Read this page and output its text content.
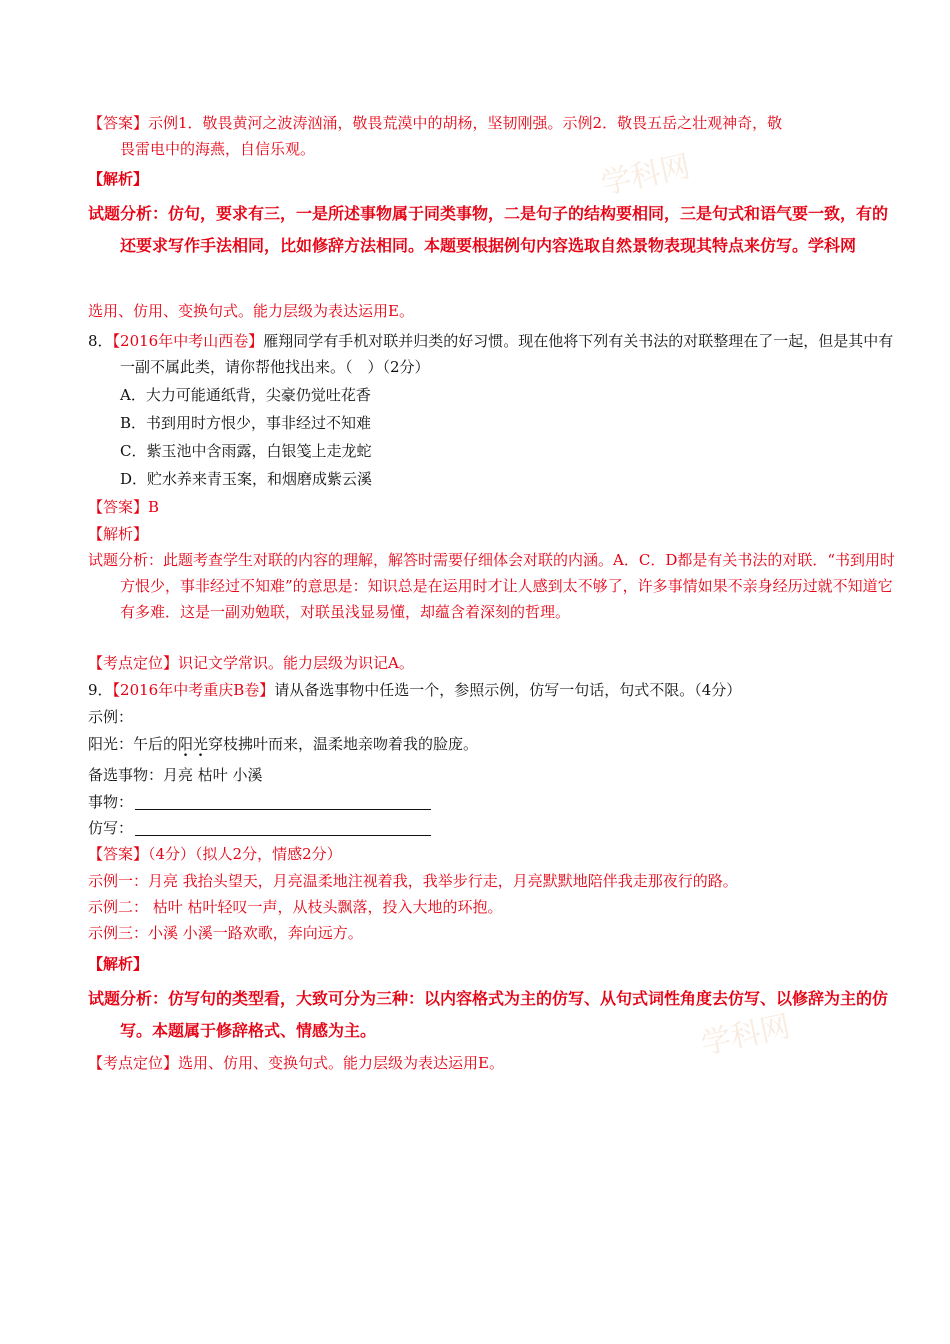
学科网
学科网
【答案】示例1．敬畏黄河之波涛汹涌，敬畏荒漠中的胡杨，坚韧刚强。示例2．敬畏五岳之壮观神奇，敬
畏雷电中的海燕，自信乐观。
【解析】
试题分析：仿句，要求有三，一是所述事物属于同类事物，二是句子的结构要相同，三是句式和语气要一致，有的还要求写作手法相同，比如修辞方法相同。本题要根据例句内容选取自然景物表现其特点来仿写。学科网
选用、仿用、变换句式。能力层级为表达运用E。
8．【2016年中考山西卷】雁翔同学有手机对联并归类的好习惯。现在他将下列有关书法的对联整理在了一起，但是其中有一副不属此类，请你帮他找出来。（　）（2分）
A．大力可能通纸背，尖豪仍觉吐花香
B．书到用时方恨少，事非经过不知难
C．紫玉池中含雨露，白银笺上走龙蛇
D．贮水养来青玉案，和烟磨成紫云溪
【答案】B
【解析】
试题分析：此题考查学生对联的内容的理解，解答时需要仔细体会对联的内涵。A．C．D都是有关书法的对联．“书到用时方恨少，事非经过不知难”的意思是：知识总是在运用时才让人感到太不够了，许多事情如果不亲身经历过就不知道它有多难．这是一副劝勉联，对联虽浅显易懂，却蕴含着深刻的哲理。
【考点定位】识记文学常识。能力层级为识记A。
9．【2016年中考重庆B卷】请从备选事物中任选一个，参照示例，仿写一句话，句式不限。（4分）
示例：
阳光：午后的阳光穿枝拂叶而来，温柔地亲吻着我的脸庞。
备选事物：月亮 枯叶 小溪
事物：
仿写：
【答案】（4分）（拟人2分，情感2分）
示例一：月亮 我抬头望天，月亮温柔地注视着我，我举步行走，月亮默默地陪伴我走那夜行的路。
示例二： 枯叶 枯叶轻叹一声，从枝头飘落，投入大地的环抱。
示例三：小溪 小溪一路欢歌，奔向远方。
【解析】
试题分析：仿写句的类型看，大致可分为三种：以内容格式为主的仿写、从句式词性角度去仿写、以修辞为主的仿写。本题属于修辞格式、情感为主。
【考点定位】选用、仿用、变换句式。能力层级为表达运用E。
